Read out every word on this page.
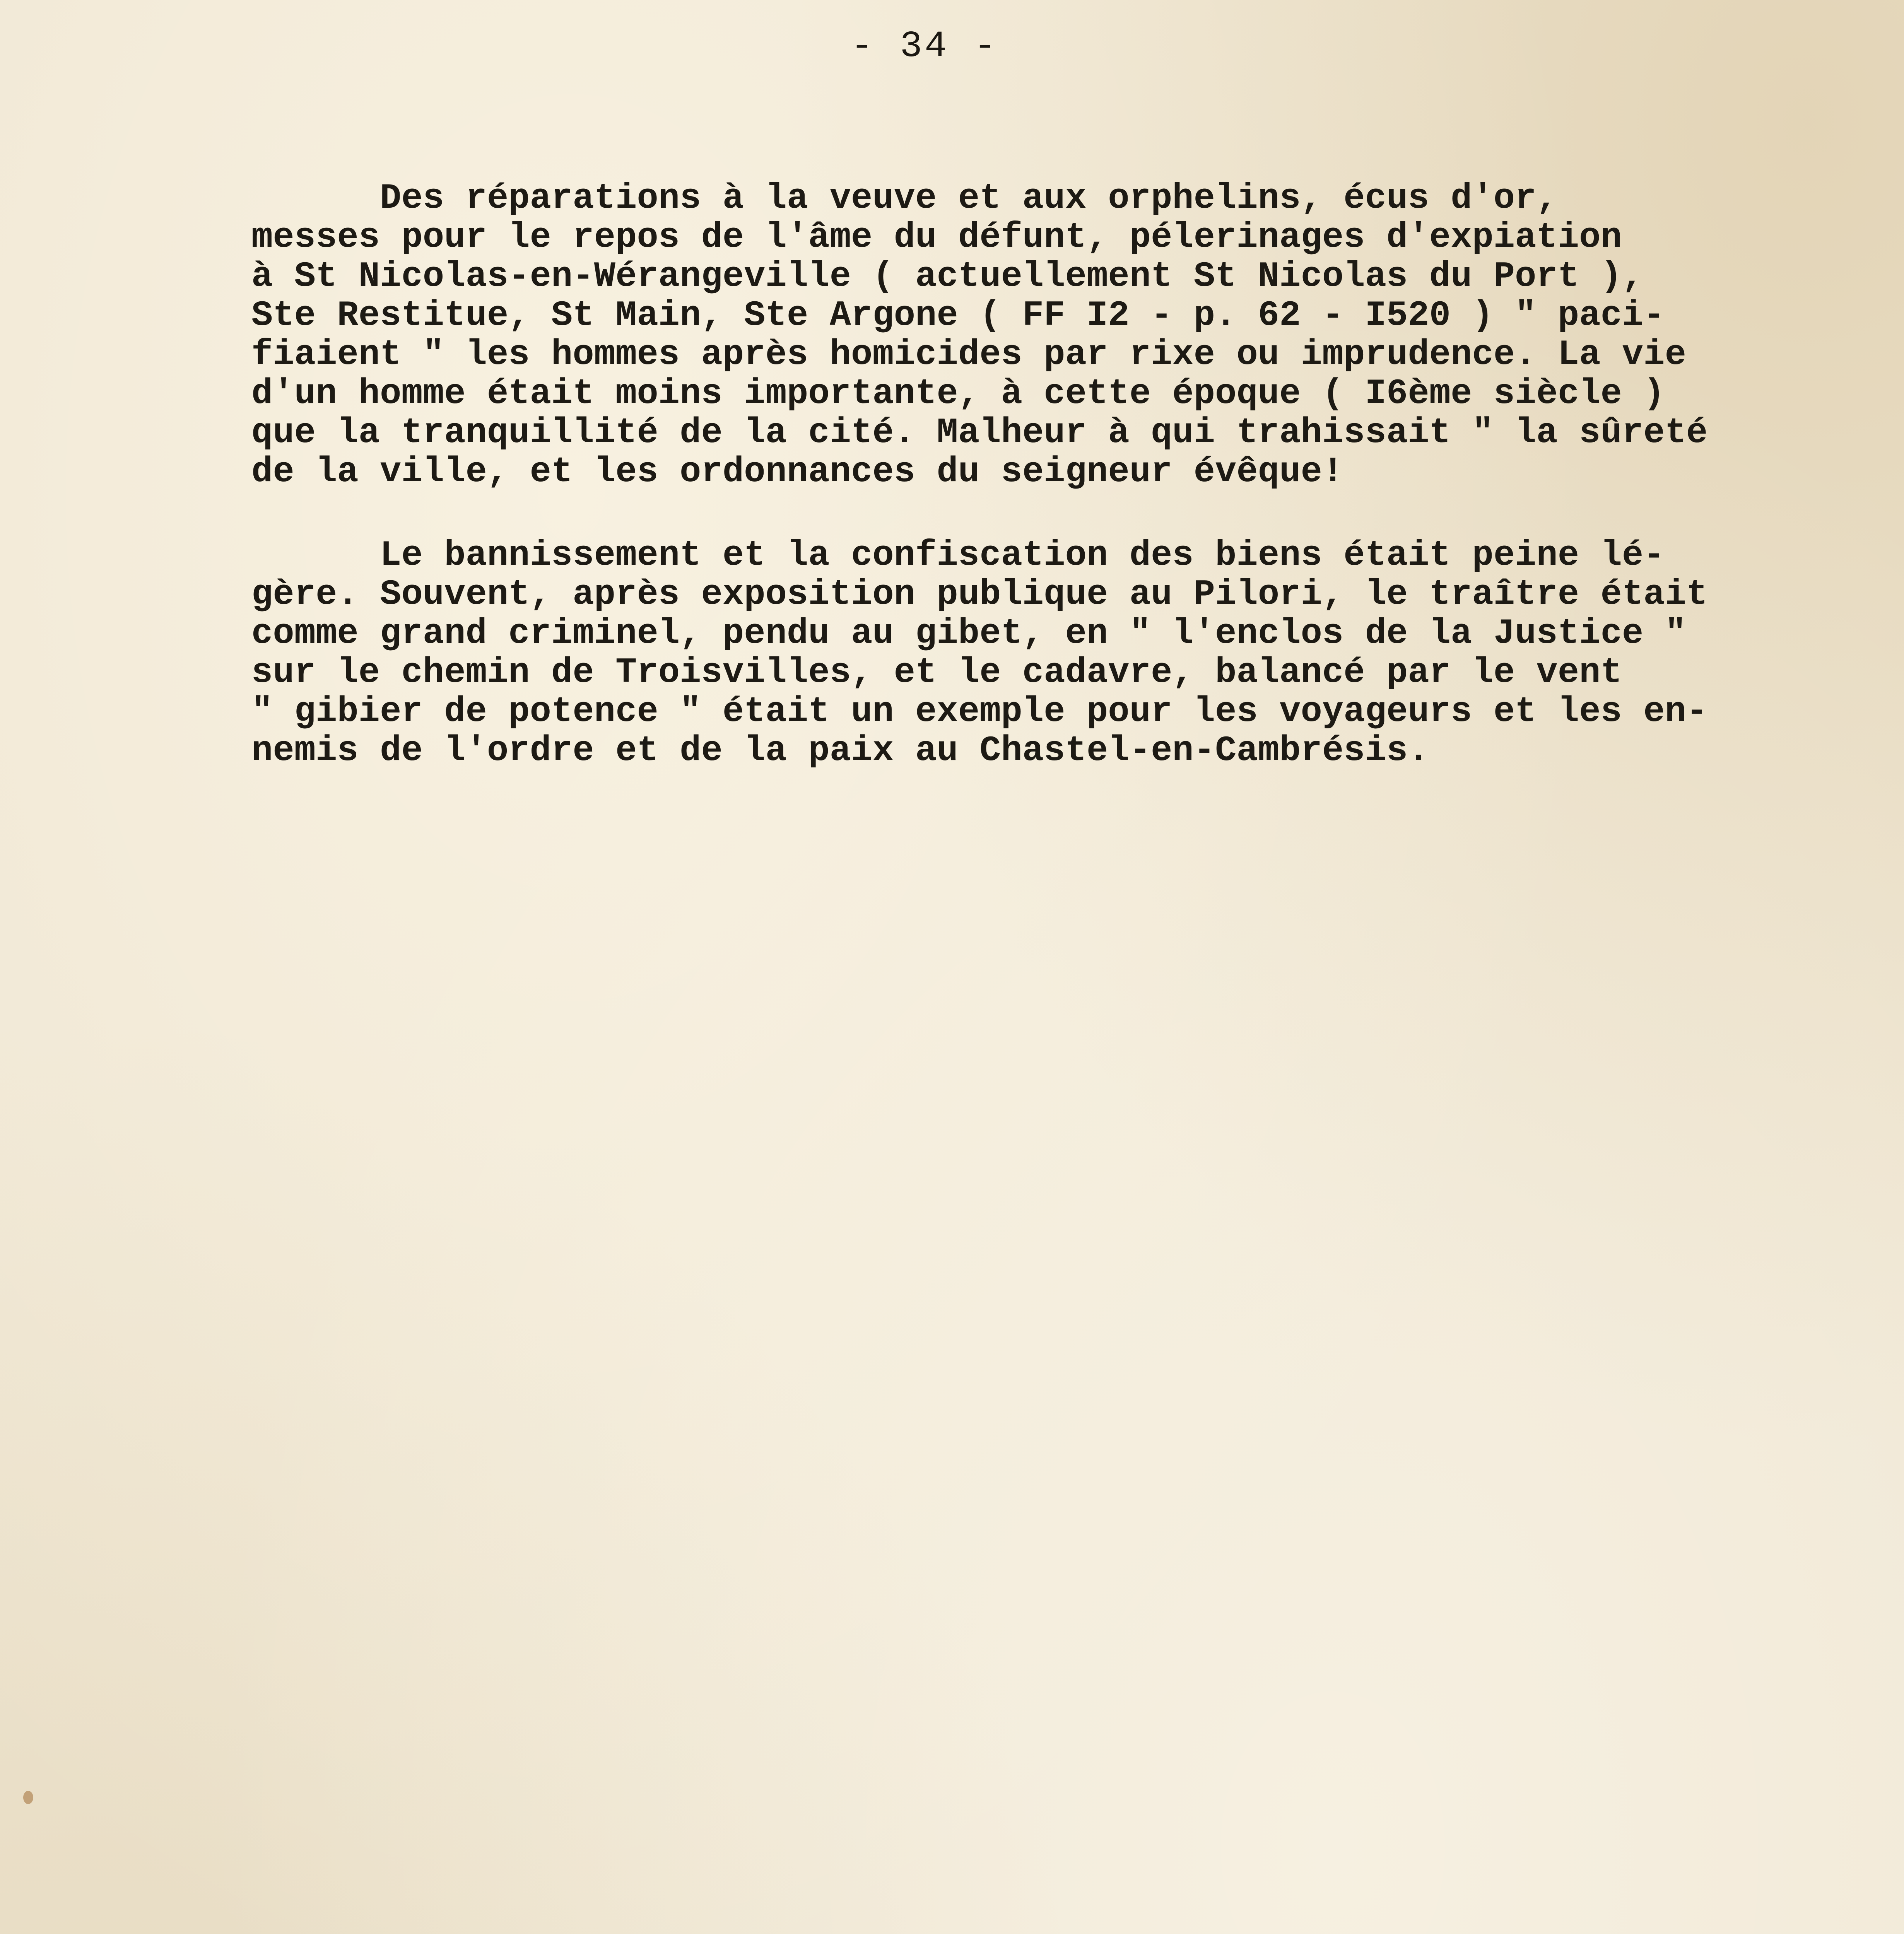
- 34 -
Des réparations à la veuve et aux orphelins, écus d'or,
messes pour le repos de l'âme du défunt, pélerinages d'expiation
à St Nicolas-en-Wérangeville ( actuellement St Nicolas du Port ),
Ste Restitue, St Main, Ste Argone ( FF I2 - p. 62 - I520 ) " paci-
fiaient " les hommes après homicides par rixe ou imprudence. La vie
d'un homme était moins importante, à cette époque ( I6ème siècle )
que la tranquillité de la cité. Malheur à qui trahissait " la sûreté
de la ville, et les ordonnances du seigneur évêque!
Le bannissement et la confiscation des biens était peine lé-
gère. Souvent, après exposition publique au Pilori, le traître était
comme grand criminel, pendu au gibet, en " l'enclos de la Justice "
sur le chemin de Troisvilles, et le cadavre, balancé par le vent
" gibier de potence " était un exemple pour les voyageurs et les en-
nemis de l'ordre et de la paix au Chastel-en-Cambrésis.
